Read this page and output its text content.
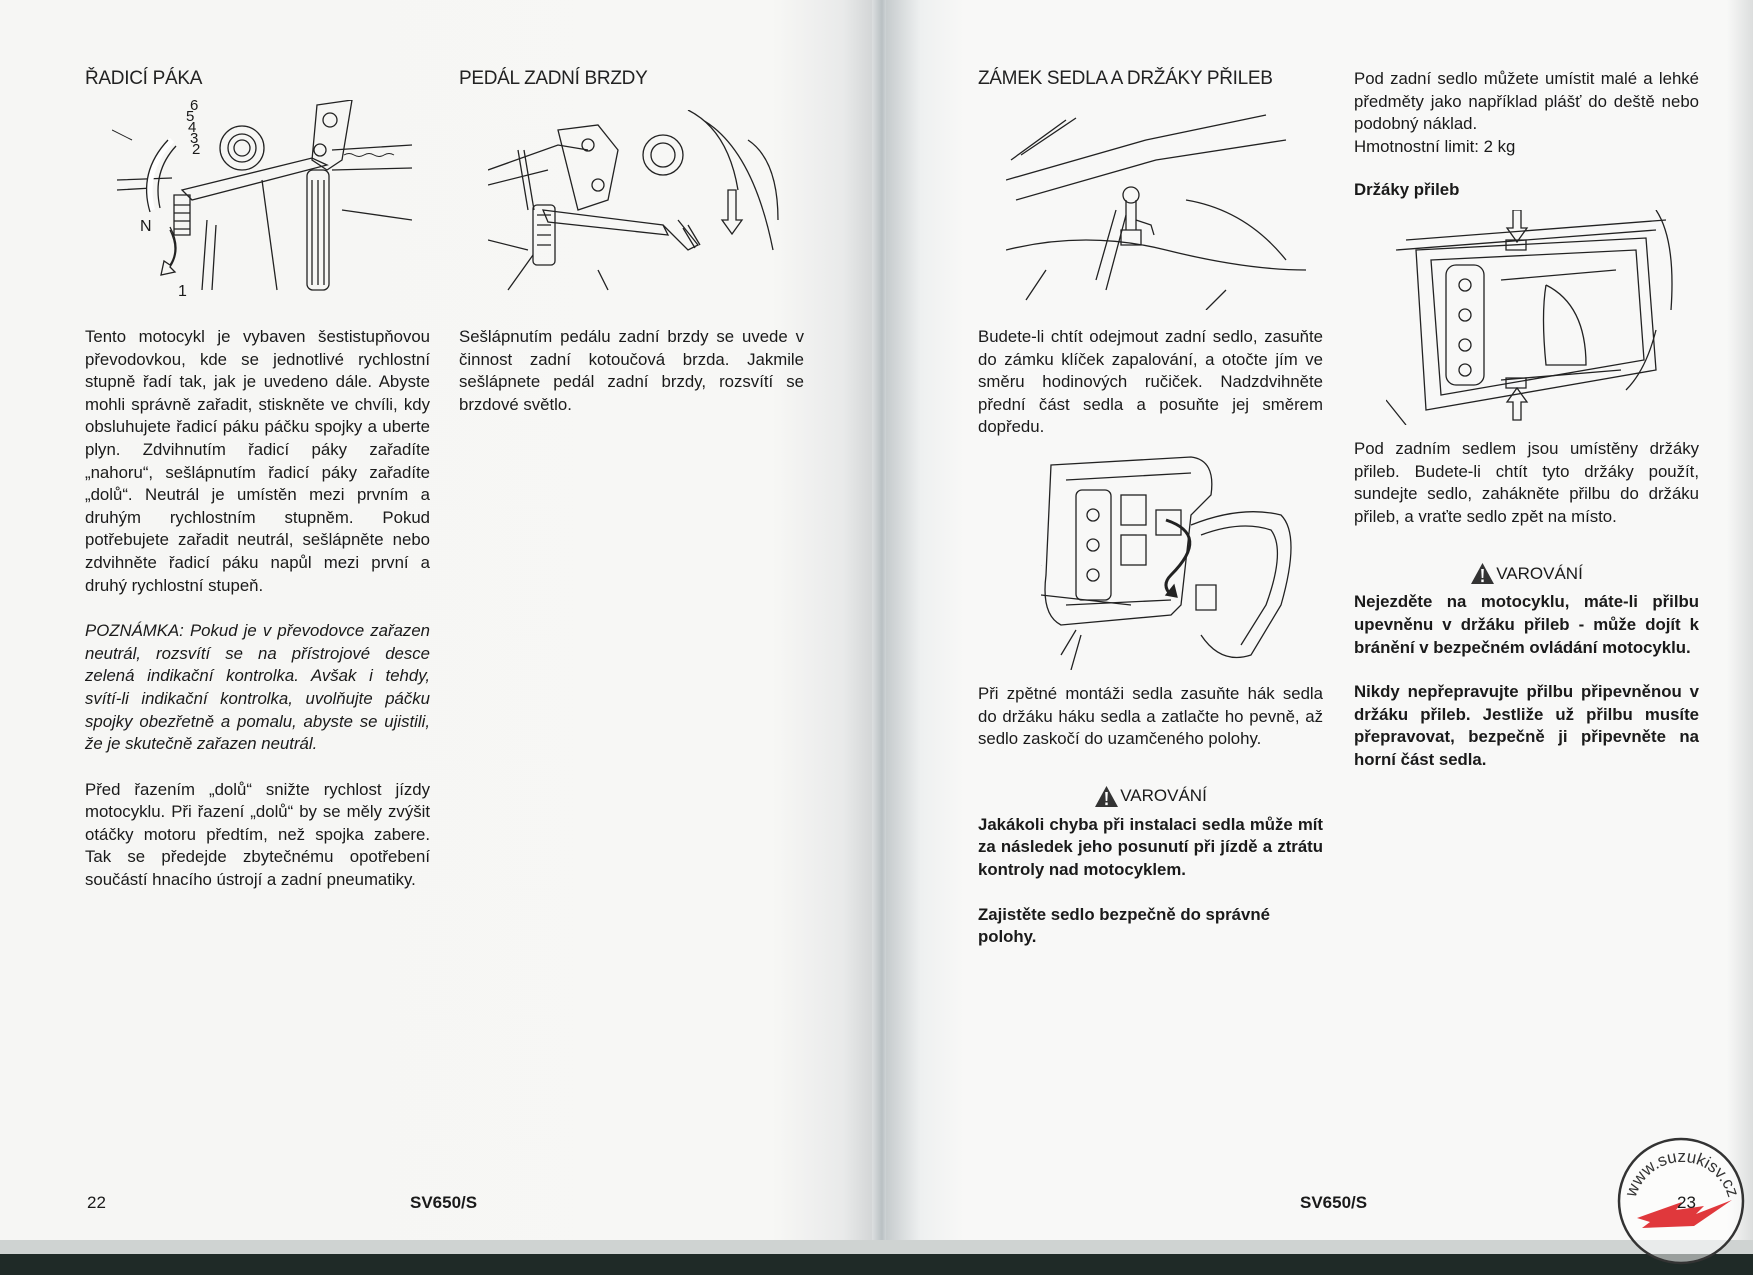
ŘADICÍ PÁKA
6
5
4
3
2
N
1

Tento motocykl je vybaven šestistupňovou převodovkou, kde se jednotlivé rychlostní stupně řadí tak, jak je uvedeno dále. Abyste mohli správně zařadit, stiskněte ve chvíli, kdy obsluhujete řadicí páku páčku spojky a uberte plyn. Zdvihnutím řadicí páky zařadíte „nahoru“, sešlápnutím řadicí páky zařadíte „dolů“. Neutrál je umístěn mezi prvním a druhým rychlostním stupněm. Pokud potřebujete zařadit neutrál, sešlápněte nebo zdvihněte řadicí páku napůl mezi první a druhý rychlostní stupeň.

POZNÁMKA: Pokud je v převodovce zařazen neutrál, rozsvítí se na přístrojové desce zelená indikační kontrolka. Avšak i tehdy, svítí-li indikační kontrolka, uvolňujte páčku spojky obezřetně a pomalu, abyste se ujistili, že je skutečně zařazen neutrál.

Před řazením „dolů“ snižte rychlost jízdy motocyklu. Při řazení „dolů“ by se měly zvýšit otáčky motoru předtím, než spojka zabere. Tak se předejde zbytečnému opotřebení součástí hnacího ústrojí a zadní pneumatiky.

PEDÁL ZADNÍ BRZDY

Sešlápnutím pedálu zadní brzdy se uvede v činnost zadní kotoučová brzda. Jakmile sešlápnete pedál zadní brzdy, rozsvítí se brzdové světlo.

22	SV650/S
ZÁMEK SEDLA A DRŽÁKY PŘILEB

Budete-li chtít odejmout zadní sedlo, zasuňte do zámku klíček zapalování, a otočte jím ve směru hodinových ručiček. Nadzdvihněte přední část sedla a posuňte jej směrem dopředu.

Při zpětné montáži sedla zasuňte hák sedla do držáku háku sedla a zatlačte ho pevně, až sedlo zaskočí do uzamčeného polohy.

VAROVÁNÍ

Jakákoli chyba při instalaci sedla může mít za následek jeho posunutí při jízdě a ztrátu kontroly nad motocyklem.

Zajistěte sedlo bezpečně do správné polohy.

Pod zadní sedlo můžete umístit malé a lehké předměty jako například plášť do deště nebo podobný náklad.

Hmotnostní limit: 2 kg

Držáky přileb

Pod zadním sedlem jsou umístěny držáky přileb. Budete-li chtít tyto držáky použít, sundejte sedlo, zahákněte přilbu do držáku přileb, a vraťte sedlo zpět na místo.

VAROVÁNÍ

Nejezděte na motocyklu, máte-li přilbu upevněnu v držáku přileb - může dojít k bránění v bezpečném ovládání motocyklu.

Nikdy nepřepravujte přilbu připevněnou v držáku přileb. Jestliže už přilbu musíte přepravovat, bezpečně ji připevněte na horní část sedla.

SV650/S	23
www.suzukisv.cz
